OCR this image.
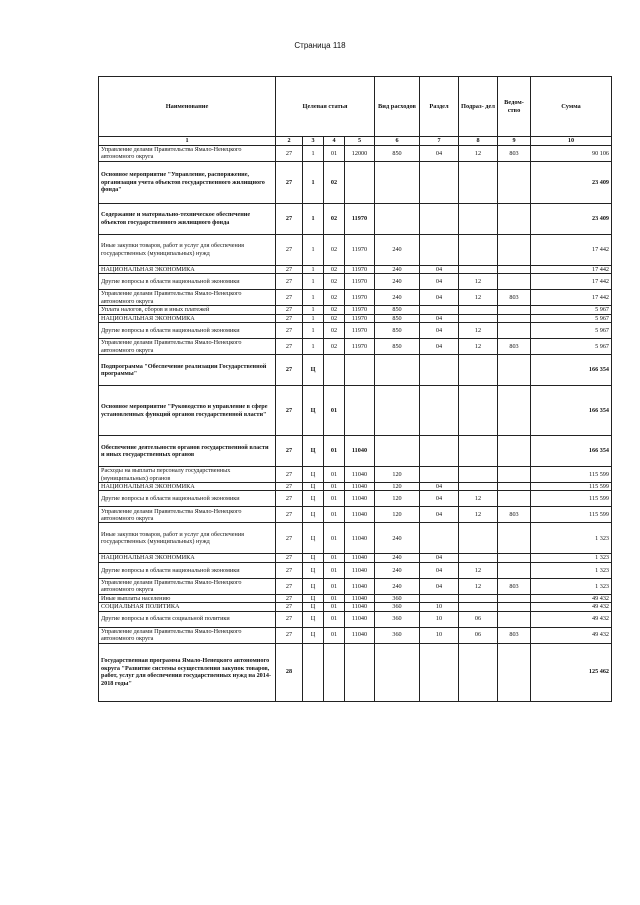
Страница 118
Наименование	Целевая статья				Вид расходов	Раздел	Подраз- дел	Ведом- ство	Сумма
1	2	3	4	5	6	7	8	9	10
Управление делами Правительства Ямало-Ненецкого автономного округа	27	1	01	12000	850	04	12	803	90 106
Основное мероприятие "Управление, распоряжение, организация учета объектов государственного жилищного фонда"	27	1	02						23 409
Содержание и материально-техническое обеспечение объектов государственного жилищного фонда	27	1	02	11970					23 409
Иные закупки товаров, работ и услуг для обеспечения государственных (муниципальных) нужд	27	1	02	11970	240				17 442
НАЦИОНАЛЬНАЯ ЭКОНОМИКА	27	1	02	11970	240	04			17 442
Другие вопросы в области национальной экономики	27	1	02	11970	240	04	12		17 442
Управление делами Правительства Ямало-Ненецкого автономного округа	27	1	02	11970	240	04	12	803	17 442
Уплата налогов, сборов и иных платежей	27	1	02	11970	850				5 967
НАЦИОНАЛЬНАЯ ЭКОНОМИКА	27	1	02	11970	850	04			5 967
Другие вопросы в области национальной экономики	27	1	02	11970	850	04	12		5 967
Управление делами Правительства Ямало-Ненецкого автономного округа	27	1	02	11970	850	04	12	803	5 967
Подпрограмма "Обеспечение реализации Государственной программы"	27	Ц							166 354
Основное мероприятие "Руководство и управление в сфере установленных функций органов государственной власти"	27	Ц	01						166 354
Обеспечение деятельности органов государственной власти и иных государственных органов	27	Ц	01	11040					166 354
Расходы на выплаты персоналу государственных (муниципальных) органов	27	Ц	01	11040	120				115 599
НАЦИОНАЛЬНАЯ ЭКОНОМИКА	27	Ц	01	11040	120	04			115 599
Другие вопросы в области национальной экономики	27	Ц	01	11040	120	04	12		115 599
Управление делами Правительства Ямало-Ненецкого автономного округа	27	Ц	01	11040	120	04	12	803	115 599
Иные закупки товаров, работ и услуг для обеспечения государственных (муниципальных) нужд	27	Ц	01	11040	240				1 323
НАЦИОНАЛЬНАЯ ЭКОНОМИКА	27	Ц	01	11040	240	04			1 323
Другие вопросы в области национальной экономики	27	Ц	01	11040	240	04	12		1 323
Управление делами Правительства Ямало-Ненецкого автономного округа	27	Ц	01	11040	240	04	12	803	1 323
Иные выплаты населению	27	Ц	01	11040	360				49 432
СОЦИАЛЬНАЯ ПОЛИТИКА	27	Ц	01	11040	360	10			49 432
Другие вопросы в области социальной политики	27	Ц	01	11040	360	10	06		49 432
Управление делами Правительства Ямало-Ненецкого автономного округа	27	Ц	01	11040	360	10	06	803	49 432
Государственная программа Ямало-Ненецкого автономного округа "Развитие системы осуществления закупок товаров, работ, услуг для обеспечения государственных нужд на 2014-2018 годы"	28								125 462
